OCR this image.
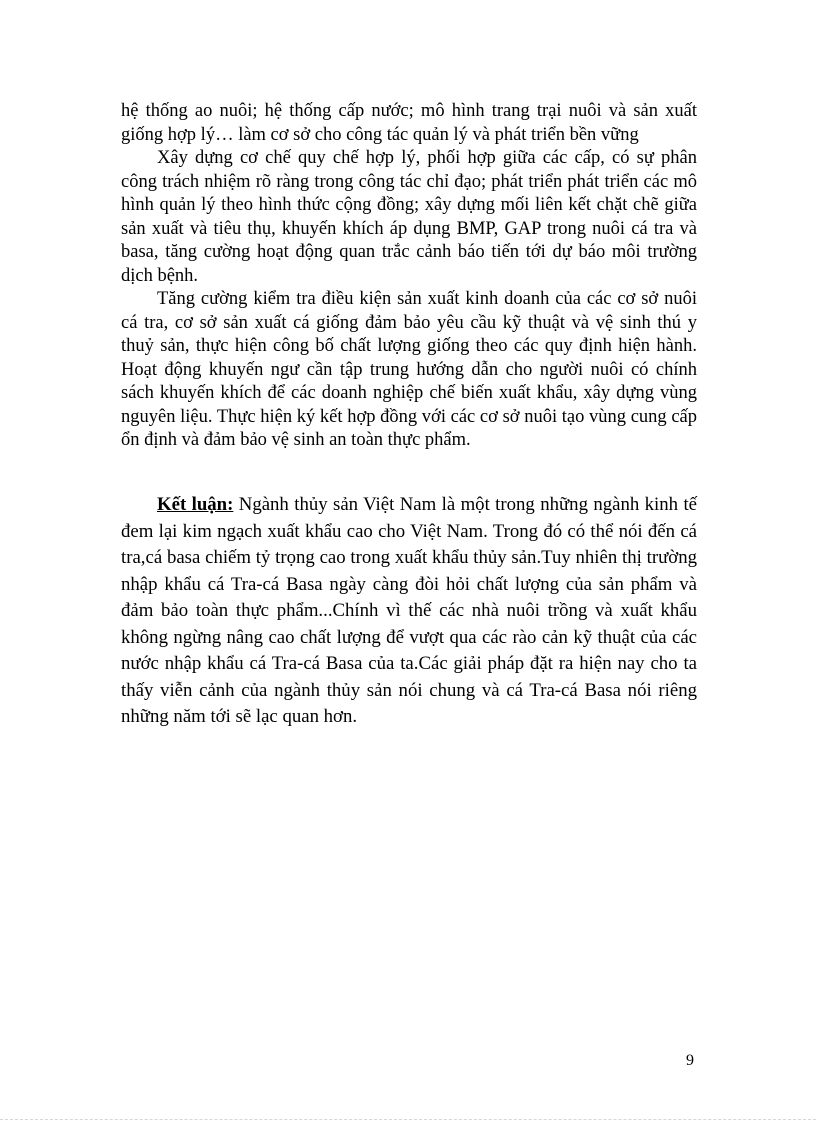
hệ thống ao nuôi; hệ thống cấp nước; mô hình trang trại nuôi và sản xuất giống hợp lý… làm cơ sở cho công tác quản lý và phát triển bền vững

Xây dựng cơ chế quy chế hợp lý, phối hợp giữa các cấp, có sự phân công trách nhiệm rõ ràng trong công tác chỉ đạo; phát triển phát triển các mô hình quản lý theo hình thức cộng đồng; xây dựng mối liên kết chặt chẽ giữa sản xuất và tiêu thụ, khuyến khích áp dụng BMP, GAP trong nuôi cá tra và basa, tăng cường hoạt động quan trắc cảnh báo tiến tới dự báo môi trường dịch bệnh.

Tăng cường kiểm tra điều kiện sản xuất kinh doanh của các cơ sở nuôi cá tra, cơ sở sản xuất cá giống đảm bảo yêu cầu kỹ thuật và vệ sinh thú y thuỷ sản, thực hiện công bố chất lượng giống theo các quy định hiện hành. Hoạt động khuyến ngư cần tập trung hướng dẫn cho người nuôi có chính sách khuyến khích để các doanh nghiệp chế biến xuất khẩu, xây dựng vùng nguyên liệu. Thực hiện ký kết hợp đồng với các cơ sở nuôi tạo vùng cung cấp ổn định và đảm bảo vệ sinh an toàn thực phẩm.

Kết luận: Ngành thủy sản Việt Nam là một trong những ngành kinh tế đem lại kim ngạch xuất khẩu cao cho Việt Nam. Trong đó có thể nói đến cá tra,cá basa chiếm tỷ trọng cao trong xuất khẩu thủy sản.Tuy nhiên thị trường nhập khẩu cá Tra-cá Basa ngày càng đòi hỏi chất lượng của sản phẩm và đảm bảo toàn thực phẩm...Chính vì thế các nhà nuôi trồng và xuất khẩu không ngừng nâng cao chất lượng để vượt qua các rào cản kỹ thuật của các nước nhập khẩu cá Tra-cá Basa của ta.Các giải pháp đặt ra hiện nay cho ta thấy viễn cảnh của ngành thủy sản nói chung và cá Tra-cá Basa nói riêng những năm tới sẽ lạc quan hơn.

9
